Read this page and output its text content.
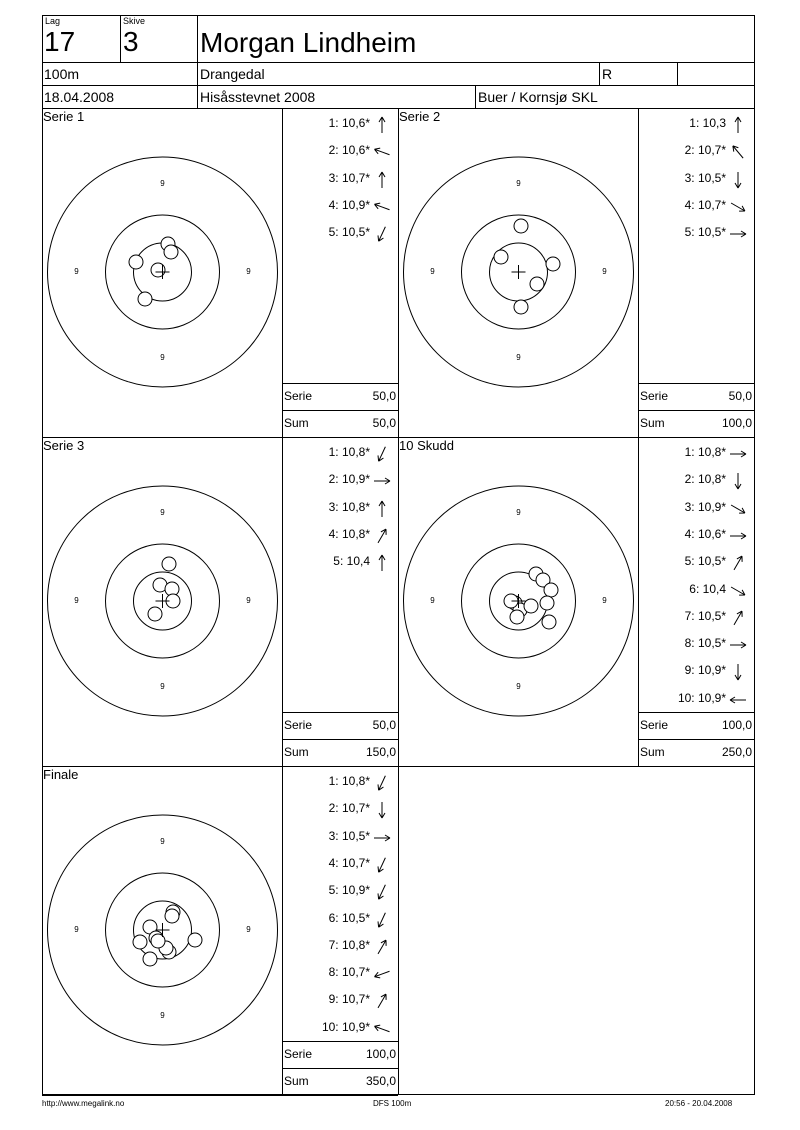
Lag
17
Skive
3 Morgan Lindheim
100m	Drangedal	R
18.04.2008	Hisåsstevnet 2008	Buer / Kornsjø SKL
Serie 1
9
9
9	9
1: 10,6*
2: 10,6*
3: 10,7*
4: 10,9*
5: 10,5*
Serie	50,0
Sum	50,0
Serie 2
9
9
9	9
1: 10,3
2: 10,7*
3: 10,5*
4: 10,7*
5: 10,5*
Serie	50,0
Sum	100,0
Serie 3
9
9
9	9
1: 10,8*
2: 10,9*
3: 10,8*
4: 10,8*
5: 10,4
Serie	50,0
Sum	150,0
10 Skudd
9
9
9	9
1: 10,8*
2: 10,8*
3: 10,9*
4: 10,6*
5: 10,5*
6: 10,4
7: 10,5*
8: 10,5*
9: 10,9*
10: 10,9*
Serie	100,0
Sum	250,0
Finale
9
9
9	9
1: 10,8*
2: 10,7*
3: 10,5*
4: 10,7*
5: 10,9*
6: 10,5*
7: 10,8*
8: 10,7*
9: 10,7*
10: 10,9*
Serie	100,0
Sum	350,0
http://www.megalink.no	DFS 100m	20:56 - 20.04.2008
